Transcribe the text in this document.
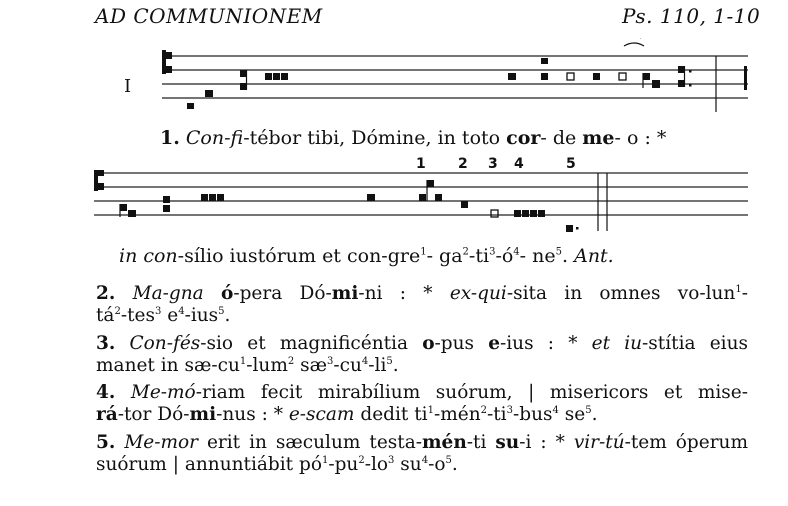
AD COMMUNIONEM	Ps. 110, 1-10
I
1. Con-fi-tébor tibi, Dómine, in toto cor- de me- o : *
1 2 3 4	5
in con-sílio iustórum et con-gre$^1$- $ga^2-ti^3-ó^4-$ $ne^5$. Ant.
2. Ma-gna ó-pera Dó-mi-ni : * ex-qui-sita in omnes vo-lun$^1$-
$tá^2-tes^3$ $e^4-ius^5$.
3. Con-fés-sio et magnificéntia o-pus e-ius : * et iu-stítia eius
manet in $sæ-cu^1-lum^2$ $sæ^3-cu^4-li^5$.
4. Me-mó-riam fecit mirabílium suórum, | misericors et mise-
rá-tor Dó-mi-nus : * e-scam dedit $ti^1-mén^2-ti^3-bus^4$ $se^5$.
5. Me-mor erit in sæculum testa-mén-ti su-i : * vir-tú-tem óperum
suórum | annuntiábit $pó^1-pu^2-lo^3$ $su^4-o^5$.
